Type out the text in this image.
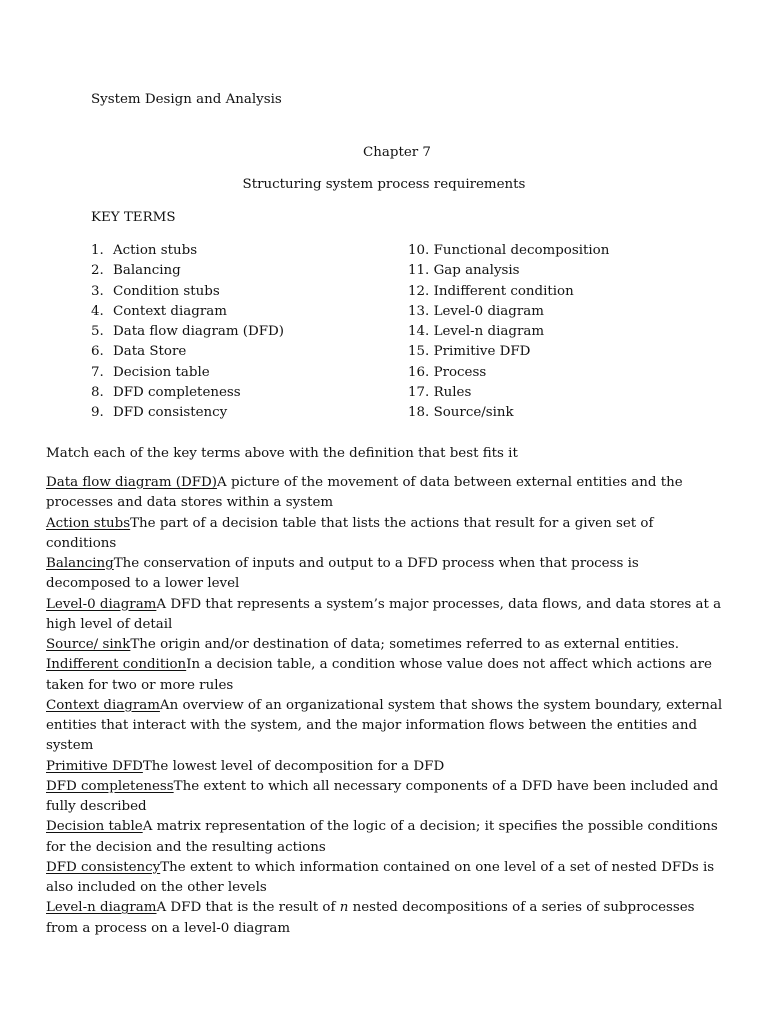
System Design and Analysis
Chapter 7
Structuring system process requirements
KEY TERMS
1. Action stubs
2. Balancing
3. Condition stubs
4. Context diagram
5. Data flow diagram (DFD)
6. Data Store
7. Decision table
8. DFD completeness
9. DFD consistency
10. Functional decomposition
11. Gap analysis
12. Indifferent condition
13. Level-0 diagram
14. Level-n diagram
15. Primitive DFD
16. Process
17. Rules
18. Source/sink
Match each of the key terms above with the definition that best fits it
Data flow diagram (DFD)A picture of the movement of data between external entities and the processes and data stores within a system
Action stubsThe part of a decision table that lists the actions that result for a given set of conditions
BalancingThe conservation of inputs and output to a DFD process when that process is decomposed to a lower level
Level-0 diagramA DFD that represents a system’s major processes, data flows, and data stores at a high level of detail
Source/ sinkThe origin and/or destination of data; sometimes referred to as external entities.
Indifferent conditionIn a decision table, a condition whose value does not affect which actions are taken for two or more rules
Context diagramAn overview of an organizational system that shows the system boundary, external entities that interact with the system, and the major information flows between the entities and system
Primitive DFDThe lowest level of decomposition for a DFD
DFD completenessThe extent to which all necessary components of a DFD have been included and fully described
Decision tableA matrix representation of the logic of a decision; it specifies the possible conditions for the decision and the resulting actions
DFD consistencyThe extent to which information contained on one level of a set of nested DFDs is also included on the other levels
Level-n diagramA DFD that is the result of n nested decompositions of a series of subprocesses from a process on a level-0 diagram
